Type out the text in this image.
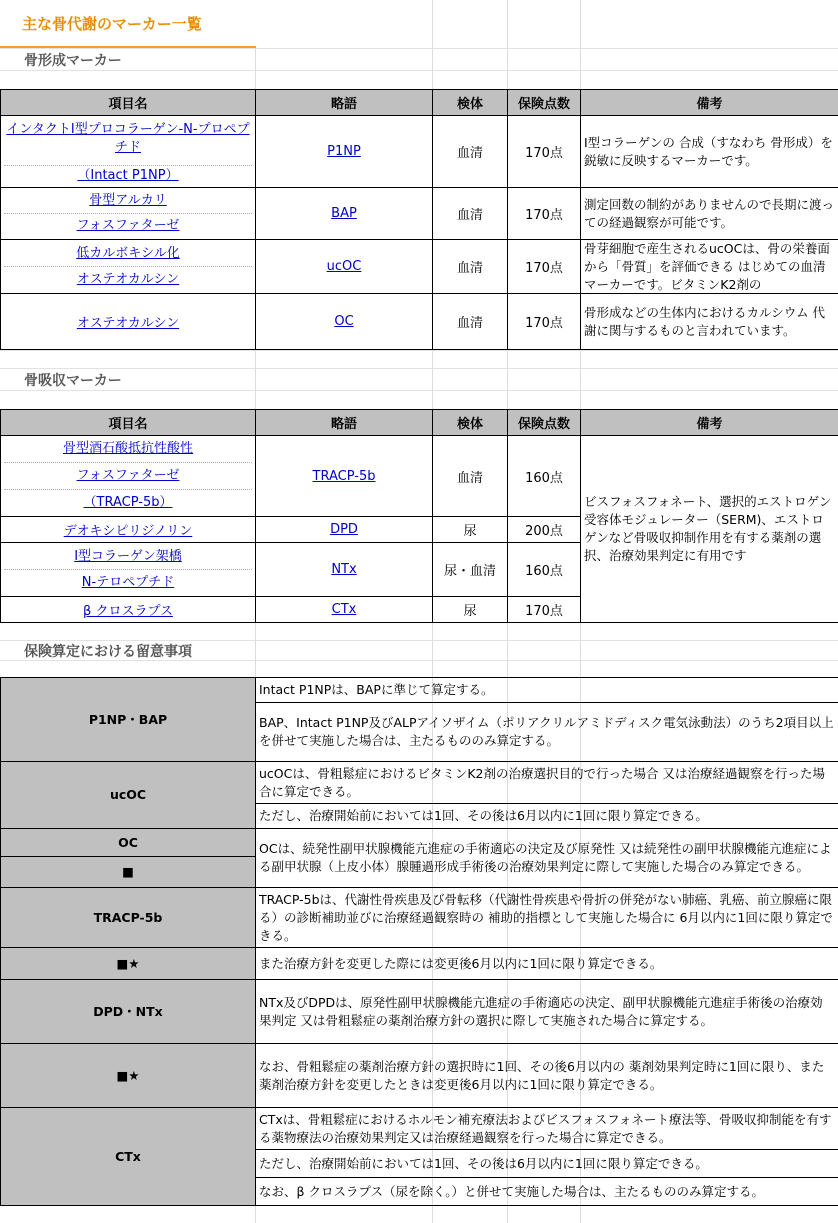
主な骨代謝のマーカー一覧
骨形成マーカー
項目名	略語	検体	保険点数	備考

インタクトI型プロコラーゲン-N-プロペプチド
（Intact P1NP）	P1NP	血清	170点	I型コラーゲンの 合成（すなわち 骨形成）を鋭敏に反映するマーカーです。

骨型アルカリ
フォスファターゼ	BAP	血清	170点	測定回数の制約がありませんので長期に渡っての経過観察が可能です。

低カルボキシル化
オステオカルシン	ucOC	血清	170点	骨芽細胞で産生されるucOCは、骨の栄養面から「骨質」を評価できる はじめての血清マーカーです。ビタミンK2剤の

オステオカルシン	OC	血清	170点	骨形成などの生体内におけるカルシウム 代謝に関与するものと言われています。
骨吸収マーカー
項目名	略語	検体	保険点数	備考

骨型酒石酸抵抗性酸性
フォスファターゼ
（TRACP-5b）	TRACP-5b	血清	160点	ビスフォスフォネート、選択的エストロゲン受容体モジュレーター（SERM)、エストロゲンなど骨吸収抑制作用を有する薬剤の選択、治療効果判定に有用です
デオキシピリジノリン	DPD	尿	200点	

I型コラーゲン架橋
N-テロペプチド	NTx	尿・血清	160点	
β クロスラプス	CTx	尿	170点	
保険算定における留意事項
P1NP・BAP	Intact P1NPは、BAPに準じて算定する。
	BAP、Intact P1NP及びALPアイソザイム（ポリアクリルアミドディスク電気泳動法）のうち2項目以上を併せて実施した場合は、主たるもののみ算定する。
ucOC	ucOCは、骨粗鬆症におけるビタミンK2剤の治療選択目的で行った場合 又は治療経過観察を行った場合に算定できる。
	ただし、治療開始前においては1回、その後は6月以内に1回に限り算定できる。
OC	OCは、続発性副甲状腺機能亢進症の手術適応の決定及び原発性 又は続発性の副甲状腺機能亢進症による副甲状腺（上皮小体）腺腫過形成手術後の治療効果判定に際して実施した場合のみ算定できる。
■	
TRACP-5b	TRACP-5bは、代謝性骨疾患及び骨転移（代謝性骨疾患や骨折の併発がない肺癌、乳癌、前立腺癌に限る）の診断補助並びに治療経過観察時の 補助的指標として実施した場合に 6月以内に1回に限り算定できる。
■★	また治療方針を変更した際には変更後6月以内に1回に限り算定できる。
DPD・NTx	NTx及びDPDは、原発性副甲状腺機能亢進症の手術適応の決定、副甲状腺機能亢進症手術後の治療効果判定 又は骨粗鬆症の薬剤治療方針の選択に際して実施された場合に算定する。
■★	なお、骨粗鬆症の薬剤治療方針の選択時に1回、その後6月以内の 薬剤効果判定時に1回に限り、また薬剤治療方針を変更したときは変更後6月以内に1回に限り算定できる。
CTx	CTxは、骨粗鬆症におけるホルモン補充療法およびビスフォスフォネート療法等、骨吸収抑制能を有する薬物療法の治療効果判定又は治療経過観察を行った場合に算定できる。
	ただし、治療開始前においては1回、その後は6月以内に1回に限り算定できる。
	なお、β クロスラプス（尿を除く。）と併せて実施した場合は、主たるもののみ算定する。
